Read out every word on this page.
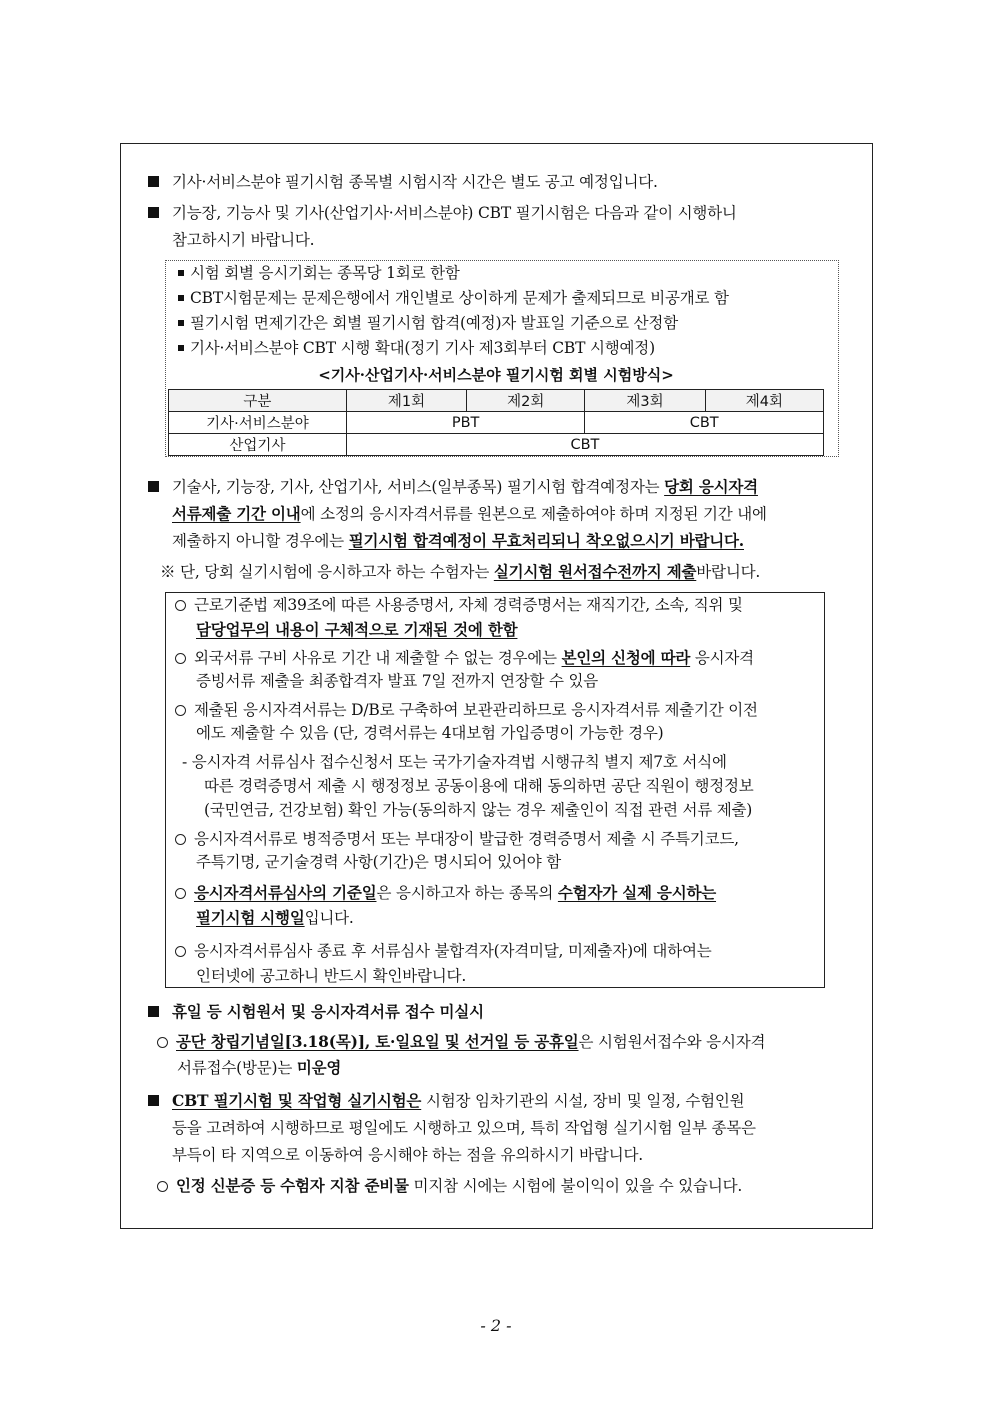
기사·서비스분야 필기시험 종목별 시험시작 시간은 별도 공고 예정입니다.
기능장, 기능사 및 기사(산업기사·서비스분야) CBT 필기시험은 다음과 같이 시행하니
참고하시기 바랍니다.
시험 회별 응시기회는 종목당 1회로 한함
CBT시험문제는 문제은행에서 개인별로 상이하게 문제가 출제되므로 비공개로 함
필기시험 면제기간은 회별 필기시험 합격(예정)자 발표일 기준으로 산정함
기사·서비스분야 CBT 시행 확대(정기 기사 제3회부터 CBT 시행예정)
<기사·산업기사·서비스분야 필기시험 회별 시험방식>
구분	제1회	제2회	제3회	제4회
기사·서비스분야	PBT		CBT	
산업기사	CBT			
기술사, 기능장, 기사, 산업기사, 서비스(일부종목) 필기시험 합격예정자는 당회 응시자격
서류제출 기간 이내에 소정의 응시자격서류를 원본으로 제출하여야 하며 지정된 기간 내에
제출하지 아니할 경우에는 필기시험 합격예정이 무효처리되니 착오없으시기 바랍니다.
※ 단, 당회 실기시험에 응시하고자 하는 수험자는 실기시험 원서접수전까지 제출바랍니다.
근로기준법 제39조에 따른 사용증명서, 자체 경력증명서는 재직기간, 소속, 직위 및
담당업무의 내용이 구체적으로 기재된 것에 한함
외국서류 구비 사유로 기간 내 제출할 수 없는 경우에는 본인의 신청에 따라 응시자격
증빙서류 제출을 최종합격자 발표 7일 전까지 연장할 수 있음
제출된 응시자격서류는 D/B로 구축하여 보관관리하므로 응시자격서류 제출기간 이전
에도 제출할 수 있음 (단, 경력서류는 4대보험 가입증명이 가능한 경우)
- 응시자격 서류심사 접수신청서 또는 국가기술자격법 시행규칙 별지 제7호 서식에
따른 경력증명서 제출 시 행정정보 공동이용에 대해 동의하면 공단 직원이 행정정보
(국민연금, 건강보험) 확인 가능(동의하지 않는 경우 제출인이 직접 관련 서류 제출)
응시자격서류로 병적증명서 또는 부대장이 발급한 경력증명서 제출 시 주특기코드,
주특기명, 군기술경력 사항(기간)은 명시되어 있어야 함
응시자격서류심사의 기준일은 응시하고자 하는 종목의 수험자가 실제 응시하는
필기시험 시행일입니다.
응시자격서류심사 종료 후 서류심사 불합격자(자격미달, 미제출자)에 대하여는
인터넷에 공고하니 반드시 확인바랍니다.
휴일 등 시험원서 및 응시자격서류 접수 미실시
공단 창립기념일[3.18(목)], 토·일요일 및 선거일 등 공휴일은 시험원서접수와 응시자격
서류접수(방문)는 미운영
CBT 필기시험 및 작업형 실기시험은 시험장 임차기관의 시설, 장비 및 일정, 수험인원
등을 고려하여 시행하므로 평일에도 시행하고 있으며, 특히 작업형 실기시험 일부 종목은
부득이 타 지역으로 이동하여 응시해야 하는 점을 유의하시기 바랍니다.
인정 신분증 등 수험자 지참 준비물 미지참 시에는 시험에 불이익이 있을 수 있습니다.
- 2 -
